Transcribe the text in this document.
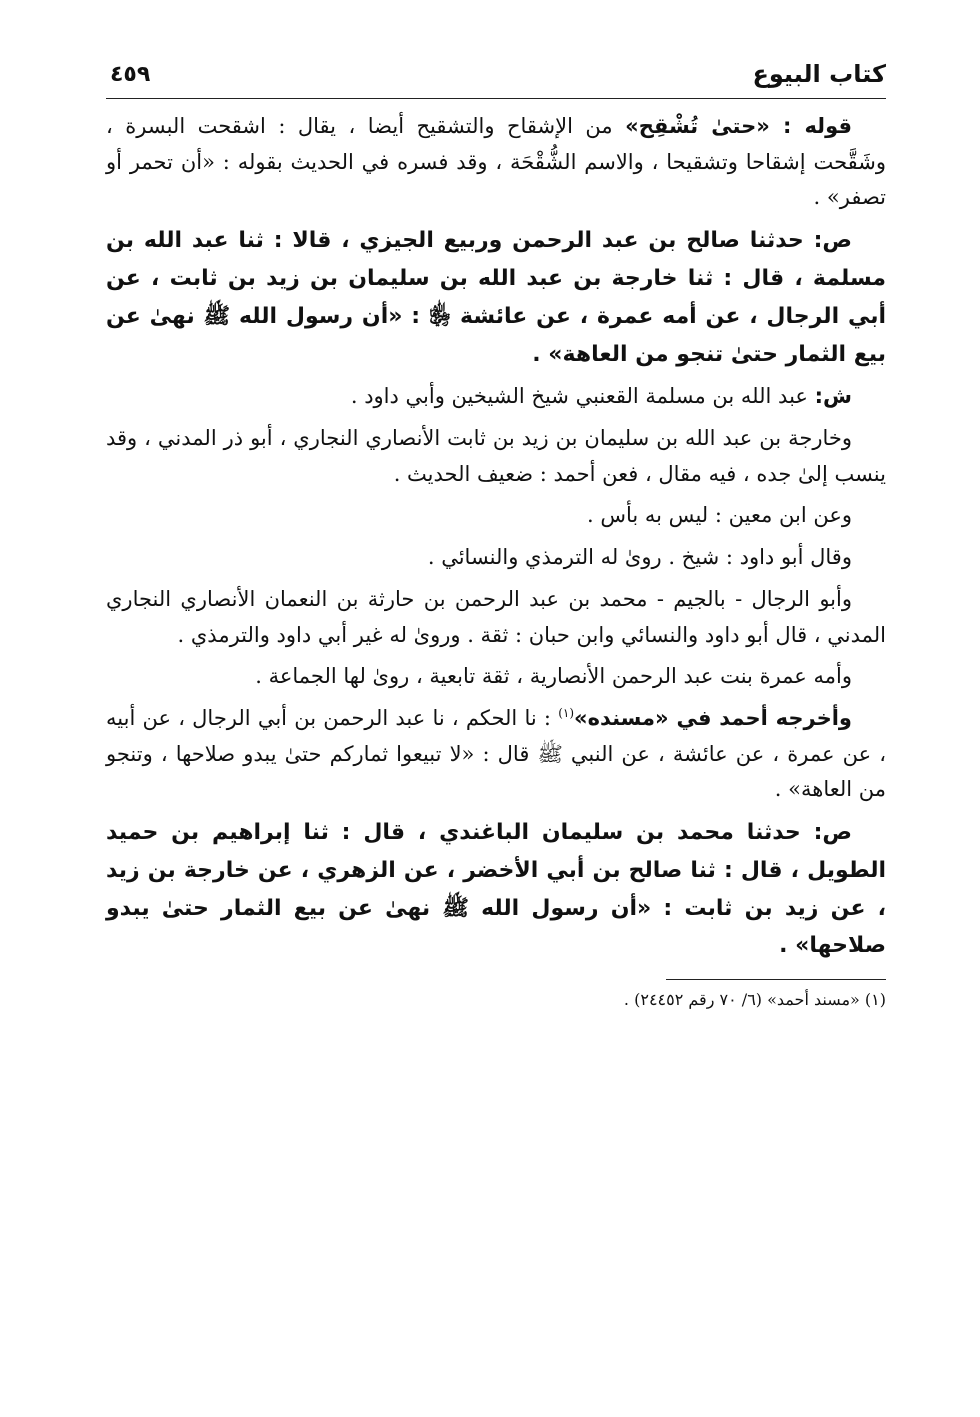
كتاب البيوع
٤٥٩

قوله : «حتىٰ تُشْقِح» من الإشقاح والتشقيح أيضا ، يقال : اشقحت البسرة ، وشَقَّحت إشقاحا وتشقيحا ، والاسم الشُّقْحَة ، وقد فسره في الحديث بقوله : «أن تحمر أو تصفر» .

ص: حدثنا صالح بن عبد الرحمن وربيع الجيزي ، قالا : ثنا عبد الله بن مسلمة ، قال : ثنا خارجة بن عبد الله بن سليمان بن زيد بن ثابت ، عن أبي الرجال ، عن أمه عمرة ، عن عائشة ﵂ : «أن رسول الله ﷺ نهىٰ عن بيع الثمار حتىٰ تنجو من العاهة» .

ش: عبد الله بن مسلمة القعنبي شيخ الشيخين وأبي داود .

وخارجة بن عبد الله بن سليمان بن زيد بن ثابت الأنصاري النجاري ، أبو ذر المدني ، وقد ينسب إلىٰ جده ، فيه مقال ، فعن أحمد : ضعيف الحديث .

وعن ابن معين : ليس به بأس .

وقال أبو داود : شيخ . روىٰ له الترمذي والنسائي .

وأبو الرجال - بالجيم - محمد بن عبد الرحمن بن حارثة بن النعمان الأنصاري النجاري المدني ، قال أبو داود والنسائي وابن حبان : ثقة . وروىٰ له غير أبي داود والترمذي .

وأمه عمرة بنت عبد الرحمن الأنصارية ، ثقة تابعية ، روىٰ لها الجماعة .

وأخرجه أحمد في «مسنده»$^{(١)}$ : نا الحكم ، نا عبد الرحمن بن أبي الرجال ، عن أبيه ، عن عمرة ، عن عائشة ، عن النبي ﷺ قال : «لا تبيعوا ثماركم حتىٰ يبدو صلاحها ، وتنجو من العاهة» .

ص: حدثنا محمد بن سليمان الباغندي ، قال : ثنا إبراهيم بن حميد الطويل ، قال : ثنا صالح بن أبي الأخضر ، عن الزهري ، عن خارجة بن زيد ، عن زيد بن ثابت : «أن رسول الله ﷺ نهىٰ عن بيع الثمار حتىٰ يبدو صلاحها» .

(١) «مسند أحمد» (٦/ ٧٠ رقم ٢٤٤٥٢) .
